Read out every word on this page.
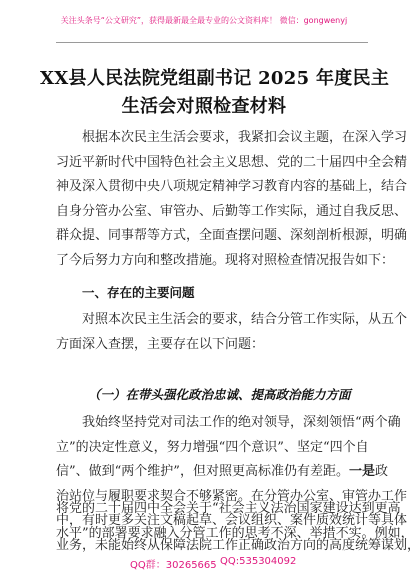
关注头条号“公文研究”，获得最新最全最专业的公文资料库！ 微信：gongwenyj
XX县人民法院党组副书记 2025 年度民主
生活会对照检查材料
根据本次民主生活会要求，我紧扣会议主题，在深入学习
习近平新时代中国特色社会主义思想、党的二十届四中全会精
神及深入贯彻中央八项规定精神学习教育内容的基础上，结合
自身分管办公室、审管办、后勤等工作实际，通过自我反思、
群众提、同事帮等方式，全面查摆问题、深刻剖析根源，明确
了今后努力方向和整改措施。现将对照检查情况报告如下：
一、存在的主要问题
对照本次民主生活会的要求，结合分管工作实际，从五个
方面深入查摆，主要存在以下问题：
（一）在带头强化政治忠诚、提高政治能力方面
我始终坚持党对司法工作的绝对领导，深刻领悟“两个确
立”的决定性意义，努力增强“四个意识”、坚定“四个自
信”、做到“两个维护”，但对照更高标准仍有差距。一是政
治站位与履职要求契合不够紧密。在分管办公室、审管办工作
中，有时更多关注文稿起草、会议组织、案件质效统计等具体
业务，未能始终从保障法院工作正确政治方向的高度统筹谋划，
将党的二十届四中全会关于“社会主义法治国家建设达到更高
水平”的部署要求融入分管工作的思考不深、举措不实。例如，
QQ群：30265665 QQ:535304092
